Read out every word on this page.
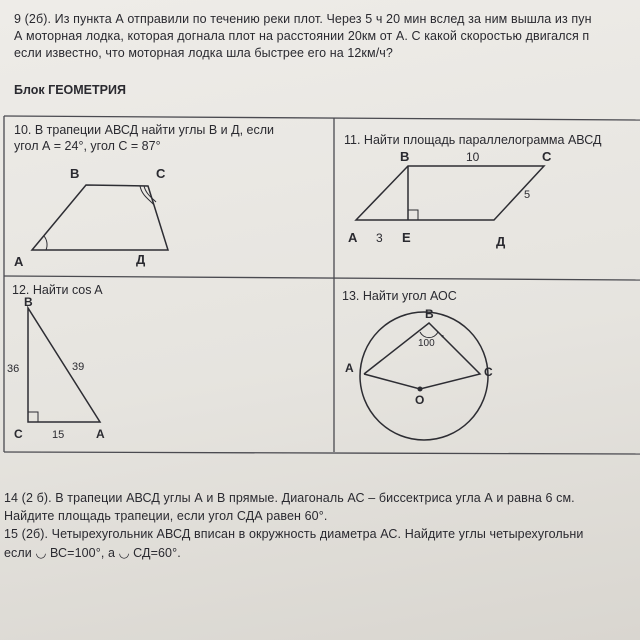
9 (2б). Из пункта А отправили по течению реки плот. Через 5 ч 20 мин вслед за ним вышла из пун
А моторная лодка, которая догнала плот на расстоянии 20км от А. С какой скоростью двигался п
если известно, что моторная лодка шла быстрее его на 12км/ч?
Блок ГЕОМЕТРИЯ
10. В трапеции АВСД найти углы В и Д, если
угол А = 24°, угол С = 87°	11. Найти площадь параллелограмма АВСД
12. Найти cos A	13. Найти угол АОС
В	С
А	Д
В	С
10
5
А 3 Е	Д
В
36	39
С	15	А
В
100 °
А	С
О
14 (2 б). В трапеции АВСД углы А и В прямые. Диагональ АС – биссектриса угла А и равна 6 см.
Найдите площадь трапеции, если угол СДА равен 60°.
15 (2б). Четырехугольник АВСД вписан в окружность диаметра АС. Найдите углы четырехугольни
если ◡ ВС=100°, а ◡ СД=60°.
